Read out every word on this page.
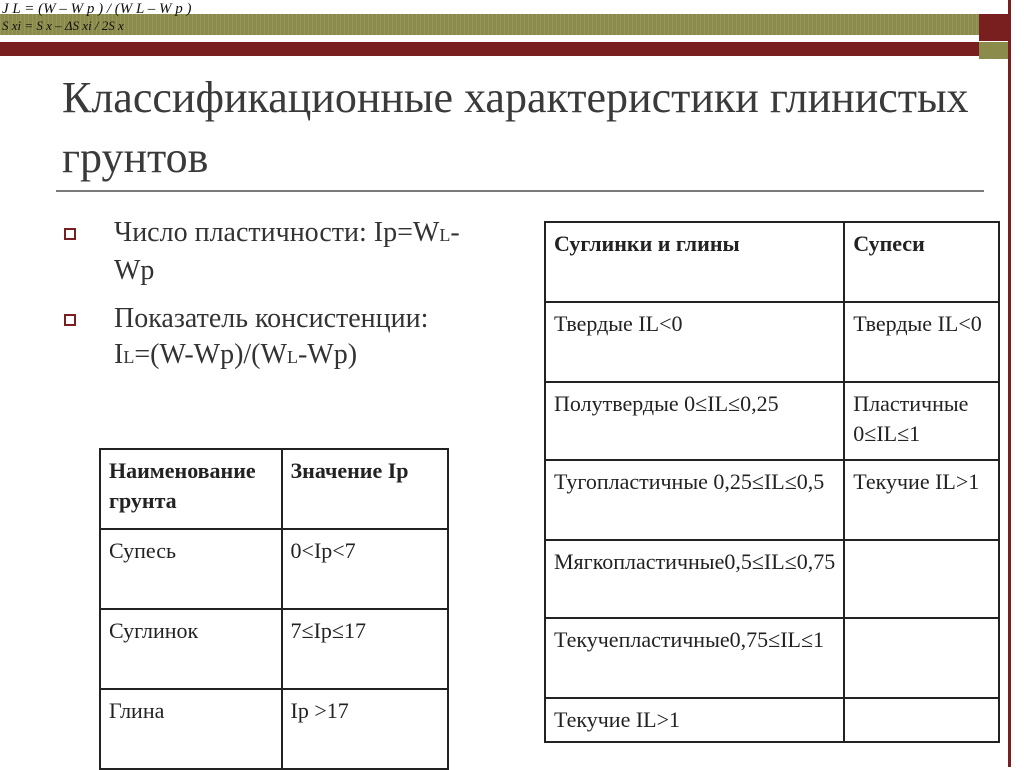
J L = (W – W p ) / (W L – W p )
S xi = S x – ΔS xi / 2S x
Классификационные характеристики глинистых грунтов
Число пластичности: Ip=WL-Wp
Показатель консистенции: IL=(W-Wp)/(WL-Wp)
Наименование грунта	Значение Ip
Супесь	0<Ip<7
Суглинок	7≤Ip≤17
Глина	Ip >17
Суглинки и глины	Супеси
Твердые IL<0	Твердые IL<0
Полутвердые 0≤IL≤0,25	Пластичные 0≤IL≤1
Тугопластичные 0,25≤IL≤0,5	Текучие IL>1
Мягкопластичные0,5≤IL≤0,75	
Текучепластичные0,75≤IL≤1	
Текучие IL>1	
